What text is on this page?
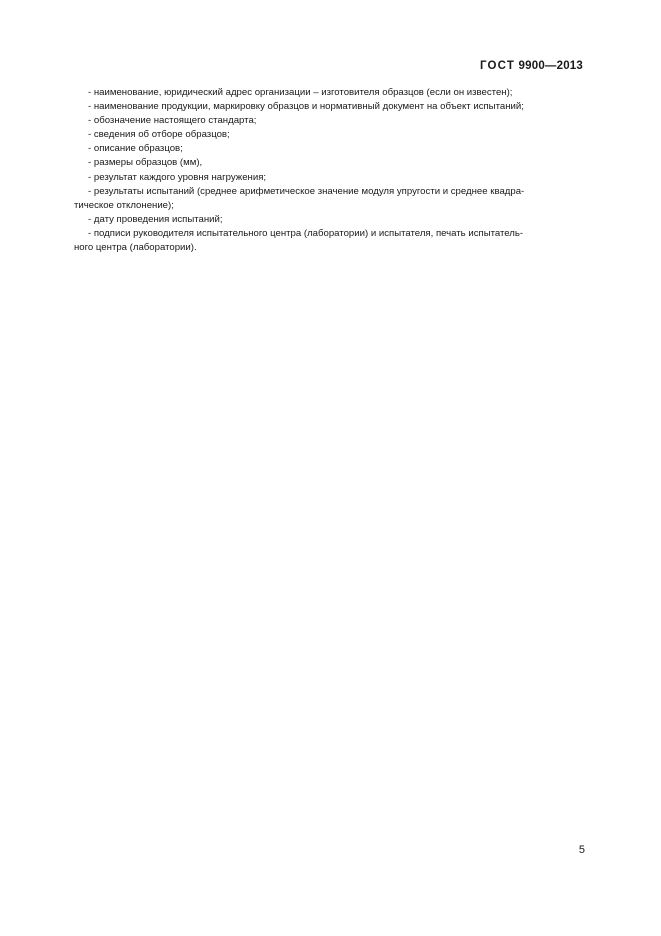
ГОСТ 9900—2013

- наименование, юридический адрес организации – изготовителя образцов (если он известен);

- наименование продукции, маркировку образцов и нормативный документ на объект испытаний;

- обозначение настоящего стандарта;

- сведения об отборе образцов;

- описание образцов;

- размеры образцов (мм),

- результат каждого уровня нагружения;

- результаты испытаний (среднее арифметическое значение модуля упругости и среднее квадра-

тическое отклонение);

- дату проведения испытаний;

- подписи руководителя испытательного центра (лаборатории) и испытателя, печать испытатель-

ного центра (лаборатории).

5
